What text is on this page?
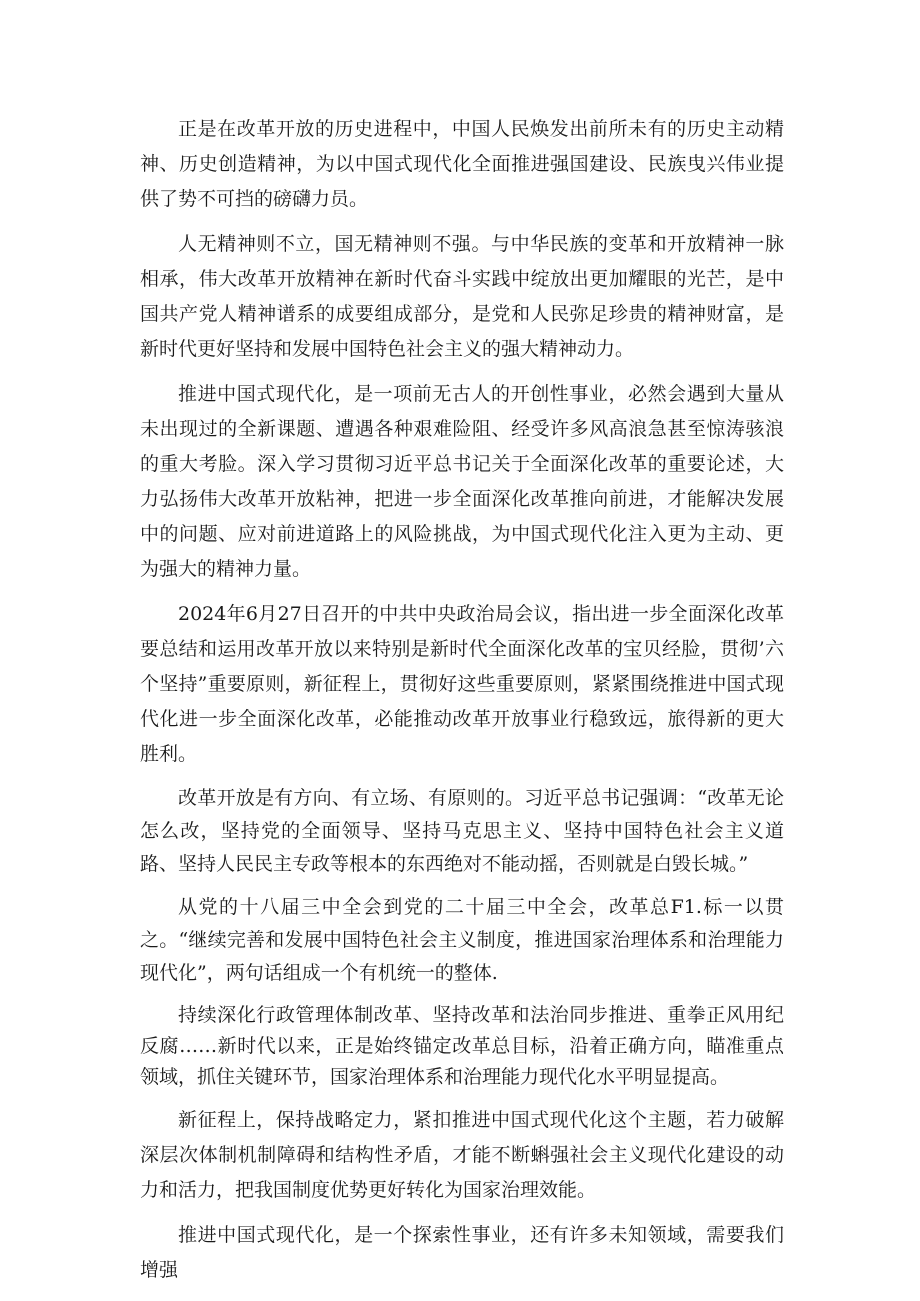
正是在改革开放的历史进程中，中国人民焕发出前所未有的历史主动精神、历史创造精神，为以中国式现代化全面推进强国建设、民族曳兴伟业提供了势不可挡的磅礴力员。

人无精神则不立，国无精神则不强。与中华民族的变革和开放精神一脉相承，伟大改革开放精神在新时代奋斗实践中绽放出更加耀眼的光芒，是中国共产党人精神谱系的成要组成部分，是党和人民弥足珍贵的精神财富，是新时代更好坚持和发展中国特色社会主义的强大精神动力。

推进中国式现代化，是一项前无古人的开创性事业，必然会遇到大量从未出现过的全新课题、遭遇各种艰难险阻、经受许多风高浪急甚至惊涛骇浪的重大考脸。深入学习贯彻习近平总书记关于全面深化改革的重要论述，大力弘扬伟大改革开放粘神，把进一步全面深化改革推向前进，才能解决发展中的问题、应对前进道路上的风险挑战，为中国式现代化注入更为主动、更为强大的精神力量。

2024年6月27日召开的中共中央政治局会议，指出进一步全面深化改革要总结和运用改革开放以来特别是新时代全面深化改革的宝贝经脸，贯彻’六个坚持”重要原则，新征程上，贯彻好这些重要原则，紧紧围绕推进中国式现代化进一步全面深化改革，必能推动改革开放事业行稳致远，旅得新的更大胜利。

改革开放是有方向、有立场、有原则的。习近平总书记强调：“改革无论怎么改，坚持党的全面领导、坚持马克思主义、坚持中国特色社会主义道路、坚持人民民主专政等根本的东西绝对不能动摇，否则就是白毁长城。”

从党的十八届三中全会到党的二十届三中全会，改革总F1.标一以贯之。“继续完善和发展中国特色社会主义制度，推进国家治理体系和治理能力现代化”，两句话组成一个有机统一的整体.

持续深化行政管理体制改革、坚持改革和法治同步推进、重拳正风用纪反腐……新时代以来，正是始终锚定改革总目标，沿着正确方向，瞄准重点领域，抓住关键环节，国家治理体系和治理能力现代化水平明显提高。

新征程上，保持战略定力，紧扣推进中国式现代化这个主题，若力破解深层次体制机制障碍和结构性矛盾，才能不断蝌强社会主义现代化建设的动力和活力，把我国制度优势更好转化为国家治理效能。

推进中国式现代化，是一个探索性事业，还有许多未知领域，需要我们增强
